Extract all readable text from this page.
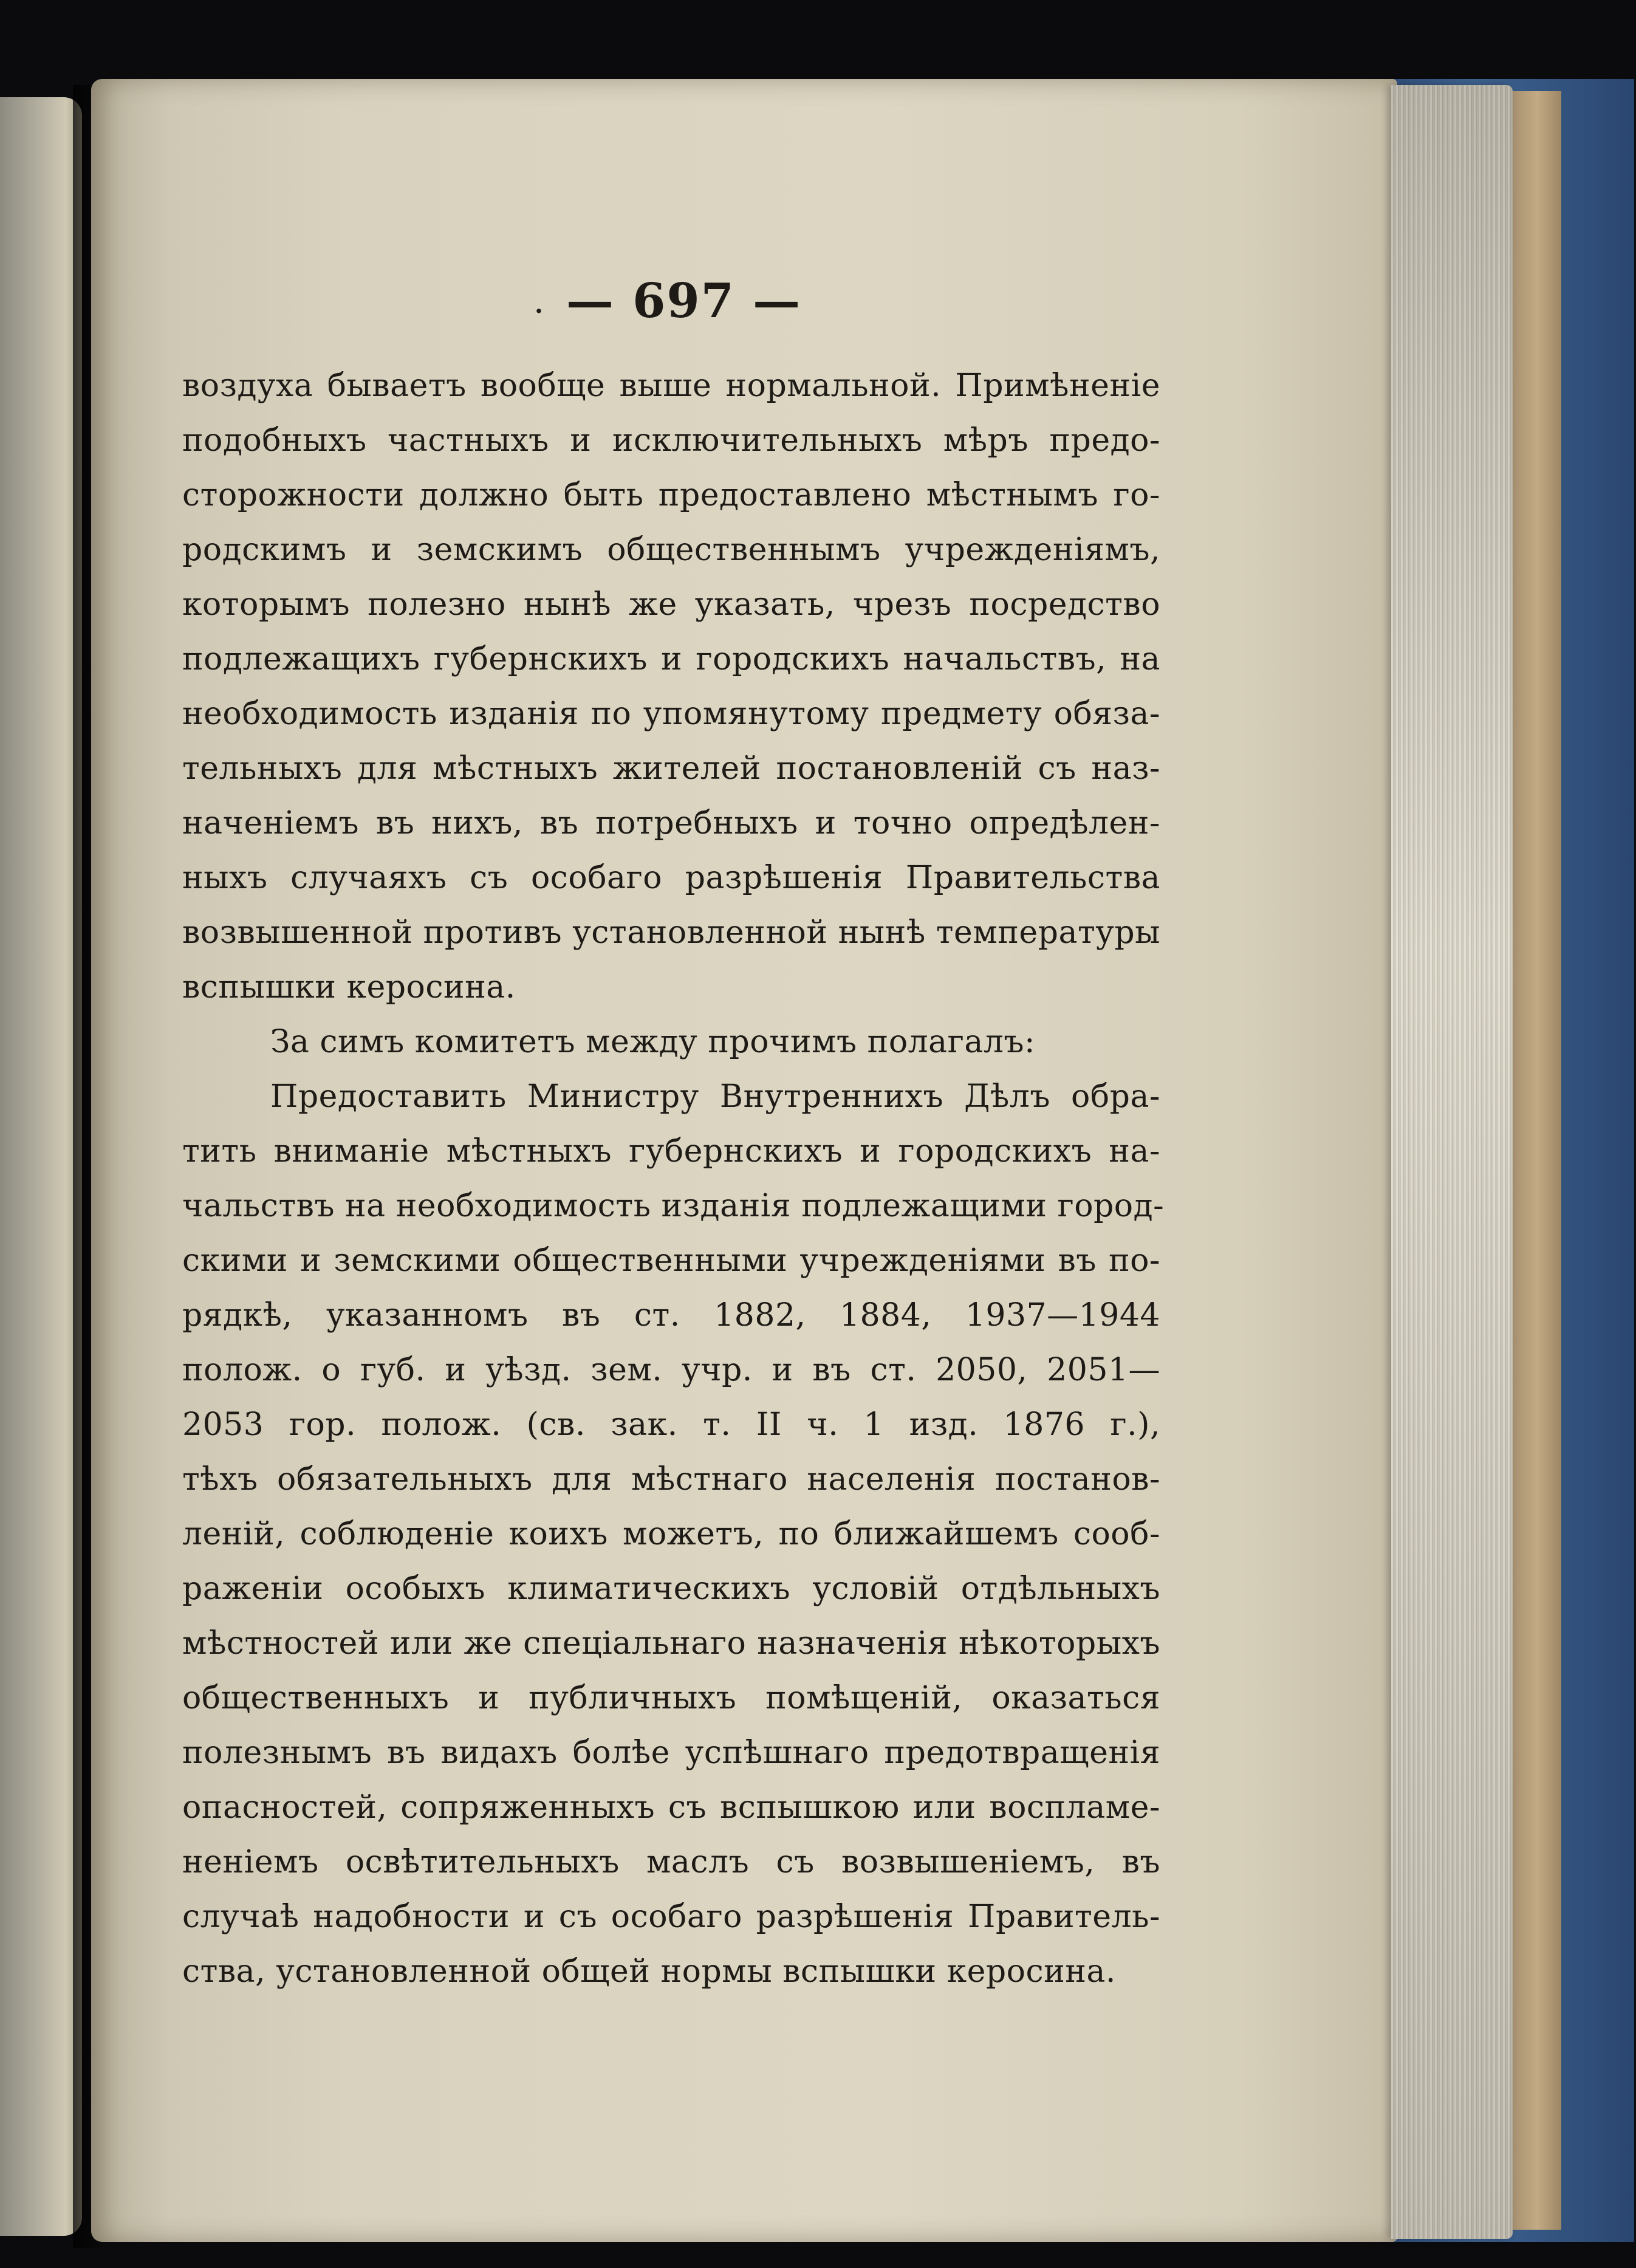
. — 697 —
воздуха бываетъ вообще выше нормальной. Примѣненіе
подобныхъ частныхъ и исключительныхъ мѣръ предо-
сторожности должно быть предоставлено мѣстнымъ го-
родскимъ и земскимъ общественнымъ учрежденіямъ,
которымъ полезно нынѣ же указать, чрезъ посредство
подлежащихъ губернскихъ и городскихъ начальствъ, на
необходимость изданія по упомянутому предмету обяза-
тельныхъ для мѣстныхъ жителей постановленій съ наз-
наченіемъ въ нихъ, въ потребныхъ и точно опредѣлен-
ныхъ случаяхъ съ особаго разрѣшенія Правительства
возвышенной противъ установленной нынѣ температуры
вспышки керосина.
За симъ комитетъ между прочимъ полагалъ:
Предоставить Министру Внутреннихъ Дѣлъ обра-
тить вниманіе мѣстныхъ губернскихъ и городскихъ на-
чальствъ на необходимость изданія подлежащими город-
скими и земскими общественными учрежденіями въ по-
рядкѣ, указанномъ въ ст. 1882, 1884, 1937—1944
полож. о губ. и уѣзд. зем. учр. и въ ст. 2050, 2051—
2053 гор. полож. (св. зак. т. II ч. 1 изд. 1876 г.),
тѣхъ обязательныхъ для мѣстнаго населенія постанов-
леній, соблюденіе коихъ можетъ, по ближайшемъ сооб-
раженіи особыхъ климатическихъ условій отдѣльныхъ
мѣстностей или же спеціальнаго назначенія нѣкоторыхъ
общественныхъ и публичныхъ помѣщеній, оказаться
полезнымъ въ видахъ болѣе успѣшнаго предотвращенія
опасностей, сопряженныхъ съ вспышкою или воспламе-
неніемъ освѣтительныхъ маслъ съ возвышеніемъ, въ
случаѣ надобности и съ особаго разрѣшенія Правитель-
ства, установленной общей нормы вспышки керосина.
